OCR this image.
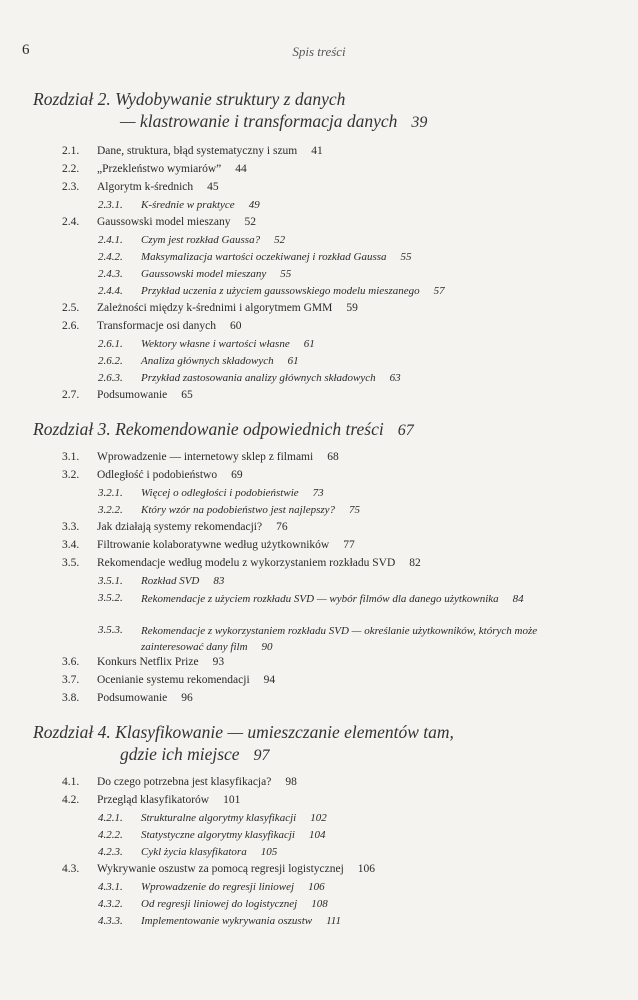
6	Spis treści
Rozdział 2. Wydobywanie struktury z danych
— klastrowanie i transformacja danych 39
2.1. Dane, struktura, błąd systematyczny i szum 41
2.2. „Przekleństwo wymiarów” 44
2.3. Algorytm k-średnich 45
2.3.1. K-średnie w praktyce 49
2.4. Gaussowski model mieszany 52
2.4.1. Czym jest rozkład Gaussa? 52
2.4.2. Maksymalizacja wartości oczekiwanej i rozkład Gaussa 55
2.4.3. Gaussowski model mieszany 55
2.4.4. Przykład uczenia z użyciem gaussowskiego modelu mieszanego 57
2.5. Zależności między k-średnimi i algorytmem GMM 59
2.6. Transformacje osi danych 60
2.6.1. Wektory własne i wartości własne 61
2.6.2. Analiza głównych składowych 61
2.6.3. Przykład zastosowania analizy głównych składowych 63
2.7. Podsumowanie 65
Rozdział 3. Rekomendowanie odpowiednich treści 67
3.1. Wprowadzenie — internetowy sklep z filmami 68
3.2. Odległość i podobieństwo 69
3.2.1. Więcej o odległości i podobieństwie 73
3.2.2. Który wzór na podobieństwo jest najlepszy? 75
3.3. Jak działają systemy rekomendacji? 76
3.4. Filtrowanie kolaboratywne według użytkowników 77
3.5. Rekomendacje według modelu z wykorzystaniem rozkładu SVD 82
3.5.1. Rozkład SVD 83
3.5.2. Rekomendacje z użyciem rozkładu SVD — wybór filmów dla danego użytkownika 84
3.5.3. Rekomendacje z wykorzystaniem rozkładu SVD — określanie użytkowników, których może zainteresować dany film 90
3.6. Konkurs Netflix Prize 93
3.7. Ocenianie systemu rekomendacji 94
3.8. Podsumowanie 96
Rozdział 4. Klasyfikowanie — umieszczanie elementów tam,
gdzie ich miejsce 97
4.1. Do czego potrzebna jest klasyfikacja? 98
4.2. Przegląd klasyfikatorów 101
4.2.1. Strukturalne algorytmy klasyfikacji 102
4.2.2. Statystyczne algorytmy klasyfikacji 104
4.2.3. Cykl życia klasyfikatora 105
4.3. Wykrywanie oszustw za pomocą regresji logistycznej 106
4.3.1. Wprowadzenie do regresji liniowej 106
4.3.2. Od regresji liniowej do logistycznej 108
4.3.3. Implementowanie wykrywania oszustw 111
